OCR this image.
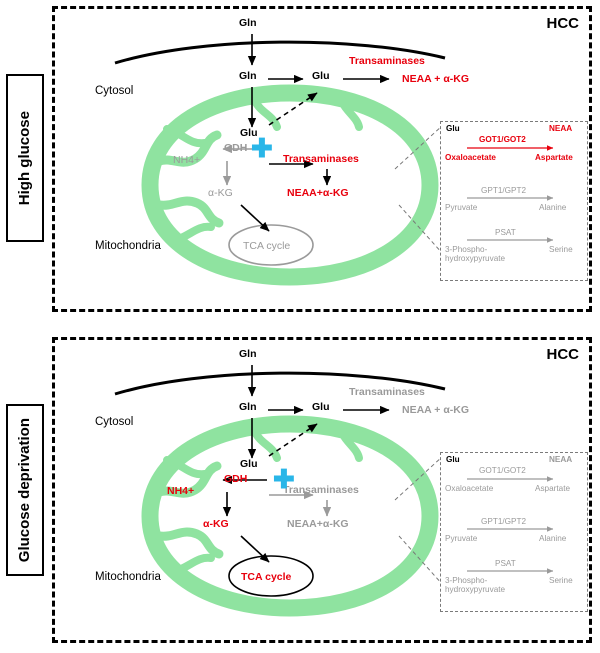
High glucose
HCC
Gln
Gln	Glu
Transaminases
NEAA + α-KG
Cytosol
Mitochondria
Glu
GDH
NH4+
α-KG
Transaminases
NEAA+α-KG
TCA cycle
✚
Glu	NEAA
GOT1/GOT2
Oxaloacetate	Aspartate
GPT1/GPT2
Pyruvate	Alanine
PSAT
3-Phospho-hydroxypyruvate
Serine
Glucose deprivation
HCC
Gln
Gln	Glu
Transaminases
NEAA + α-KG
Cytosol
Mitochondria
Glu
GDH
NH4+
α-KG
Transaminases
NEAA+α-KG
TCA cycle
✚
Glu	NEAA
GOT1/GOT2
Oxaloacetate	Aspartate
GPT1/GPT2
Pyruvate	Alanine
PSAT
3-Phospho-hydroxypyruvate
Serine
